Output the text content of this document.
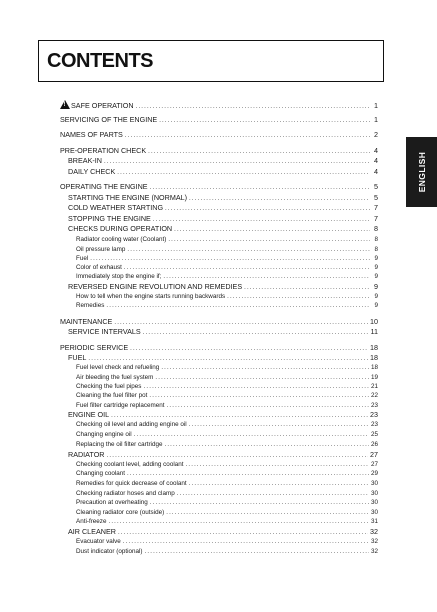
CONTENTS
ENGLISH
!
SAFE OPERATION .....	1
SERVICING OF THE ENGINE .....	1
NAMES OF PARTS .....	2
PRE-OPERATION CHECK .....	4
BREAK-IN .....	4
DAILY CHECK .....	4
OPERATING THE ENGINE .....	5
STARTING THE ENGINE (NORMAL) .....	5
COLD WEATHER STARTING .....	7
STOPPING THE ENGINE .....	7
CHECKS DURING OPERATION .....	8
Radiator cooling water (Coolant) .....	8
Oil pressure lamp .....	8
Fuel .....	9
Color of exhaust .....	9
Immediately stop the engine if; .....	9
REVERSED ENGINE REVOLUTION AND REMEDIES .....	9
How to tell when the engine starts running backwards .....	9
Remedies .....	9
MAINTENANCE .....	10
SERVICE INTERVALS .....	11
PERIODIC SERVICE .....	18
FUEL .....	18
Fuel level check and refueling .....	18
Air bleeding the fuel system .....	19
Checking the fuel pipes .....	21
Cleaning the fuel filter pot .....	22
Fuel filter cartridge replacement .....	23
ENGINE OIL .....	23
Checking oil level and adding engine oil .....	23
Changing engine oil .....	25
Replacing the oil filter cartridge .....	26
RADIATOR .....	27
Checking coolant level, adding coolant .....	27
Changing coolant .....	29
Remedies for quick decrease of coolant .....	30
Checking radiator hoses and clamp .....	30
Precaution at overheating .....	30
Cleaning radiator core (outside) .....	30
Anti-freeze .....	31
AIR CLEANER .....	32
Evacuator valve .....	32
Dust indicator (optional) .....	32
